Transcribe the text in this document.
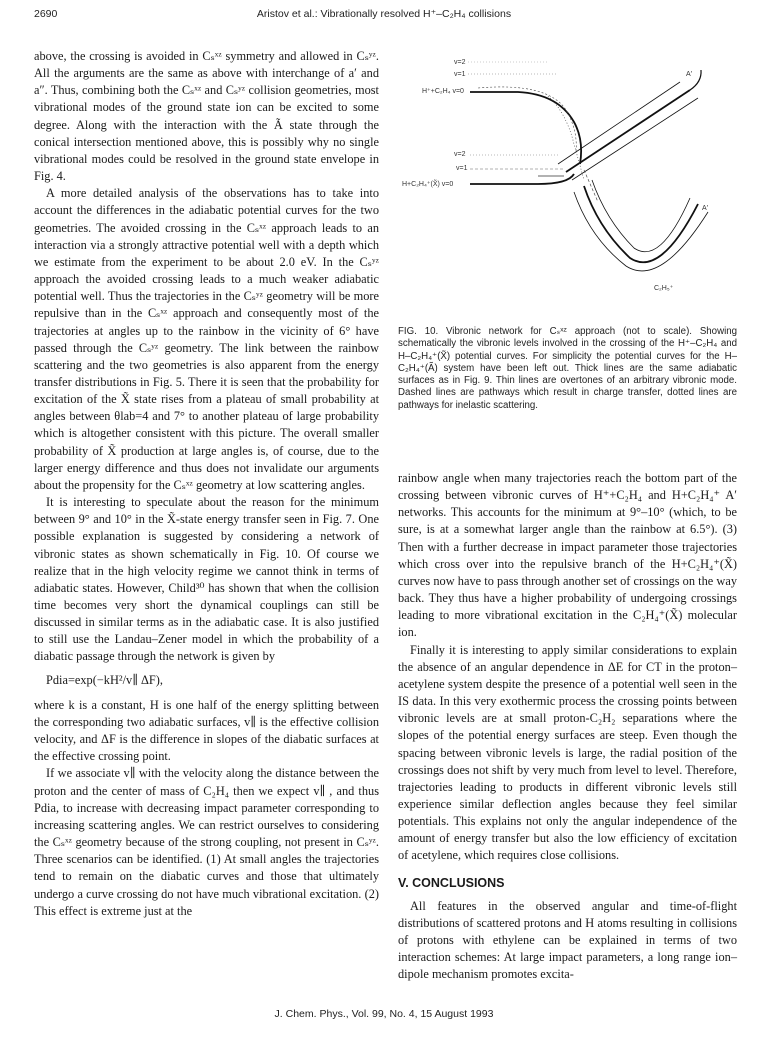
2690	Aristov et al.: Vibrationally resolved H⁺–C₂H₄ collisions

above, the crossing is avoided in Cₛˣᶻ symmetry and allowed in Cₛʸᶻ. All the arguments are the same as above with interchange of a′ and a″. Thus, combining both the Cₛˣᶻ and Cₛʸᶻ collision geometries, most vibrational modes of the ground state ion can be excited to some degree. Along with the interaction with the Ã state through the conical intersection mentioned above, this is possibly why no single vibrational modes could be resolved in the ground state envelope in Fig. 4.

A more detailed analysis of the observations has to take into account the differences in the adiabatic potential curves for the two geometries. The avoided crossing in the Cₛˣᶻ approach leads to an interaction via a strongly attractive potential well with a depth which we estimate from the experiment to be about 2.0 eV. In the Cₛʸᶻ approach the avoided crossing leads to a much weaker adiabatic potential well. Thus the trajectories in the Cₛʸᶻ geometry will be more repulsive than in the Cₛˣᶻ approach and consequently most of the trajectories at angles up to the rainbow in the vicinity of 6° have passed through the Cₛʸᶻ geometry. The link between the rainbow scattering and the two geometries is also apparent from the energy transfer distributions in Fig. 5. There it is seen that the probability for excitation of the X̃ state rises from a plateau of small probability at angles between θlab=4 and 7° to another plateau of large probability which is altogether consistent with this picture. The overall smaller probability of X̃ production at large angles is, of course, due to the larger energy difference and thus does not invalidate our arguments about the propensity for the Cₛˣᶻ geometry at low scattering angles.

It is interesting to speculate about the reason for the minimum between 9° and 10° in the X̃-state energy transfer seen in Fig. 7. One possible explanation is suggested by considering a network of vibronic states as shown schematically in Fig. 10. Of course we realize that in the high velocity regime we cannot think in terms of adiabatic states. However, Child³⁰ has shown that when the collision time becomes very short the dynamical couplings can still be discussed in similar terms as in the adiabatic case. It is also justified to still use the Landau–Zener model in which the probability of a diabatic passage through the network is given by

Pdia=exp(−kH²/v∥ ΔF),

where k is a constant, H is one half of the energy splitting between the corresponding two adiabatic surfaces, v∥ is the effective collision velocity, and ΔF is the difference in slopes of the diabatic surfaces at the effective crossing point.

If we associate v∥ with the velocity along the distance between the proton and the center of mass of C₂H₄ then we expect v∥ , and thus Pdia, to increase with decreasing impact parameter corresponding to increasing scattering angles. We can restrict ourselves to considering the Cₛˣᶻ geometry because of the strong coupling, not present in Cₛʸᶻ. Three scenarios can be identified. (1) At small angles the trajectories tend to remain on the diabatic curves and those that ultimately undergo a curve crossing do not have much vibrational excitation. (2) This effect is extreme just at the

v=2
v=1
H⁺+C₂H₄ v=0
A′
v=2
v=1
H+C₂H₄⁺(X̃) v=0
A′
C₂H₅⁺
FIG. 10. Vibronic network for Cₛˣᶻ approach (not to scale). Showing schematically the vibronic levels involved in the crossing of the H⁺–C₂H₄ and H–C₂H₄⁺(X̃) potential curves. For simplicity the potential curves for the H–C₂H₄⁺(Ã) system have been left out. Thick lines are the same adiabatic surfaces as in Fig. 9. Thin lines are overtones of an arbitrary vibronic mode. Dashed lines are pathways which result in charge transfer, dotted lines are pathways for inelastic scattering.

rainbow angle when many trajectories reach the bottom part of the crossing between vibronic curves of H⁺+C₂H₄ and H+C₂H₄⁺ A′ networks. This accounts for the minimum at 9°–10° (which, to be sure, is at a somewhat larger angle than the rainbow at 6.5°). (3) Then with a further decrease in impact parameter those trajectories which cross over into the repulsive branch of the H+C₂H₄⁺(X̃) curves now have to pass through another set of crossings on the way back. They thus have a higher probability of undergoing crossings leading to more vibrational excitation in the C₂H₄⁺(X̃) molecular ion.

Finally it is interesting to apply similar considerations to explain the absence of an angular dependence in ΔE for CT in the proton–acetylene system despite the presence of a potential well seen in the IS data. In this very exothermic process the crossing points between vibronic levels are at small proton-C₂H₂ separations where the slopes of the potential energy surfaces are steep. Even though the spacing between vibronic levels is large, the radial position of the crossings does not shift by very much from level to level. Therefore, trajectories leading to products in different vibronic levels still experience similar deflection angles because they feel similar potentials. This explains not only the angular independence of the amount of energy transfer but also the low efficiency of excitation of acetylene, which requires close collisions.

V. CONCLUSIONS

All features in the observed angular and time-of-flight distributions of scattered protons and H atoms resulting in collisions of protons with ethylene can be explained in terms of two interaction schemes: At large impact parameters, a long range ion–dipole mechanism promotes excita-

J. Chem. Phys., Vol. 99, No. 4, 15 August 1993
